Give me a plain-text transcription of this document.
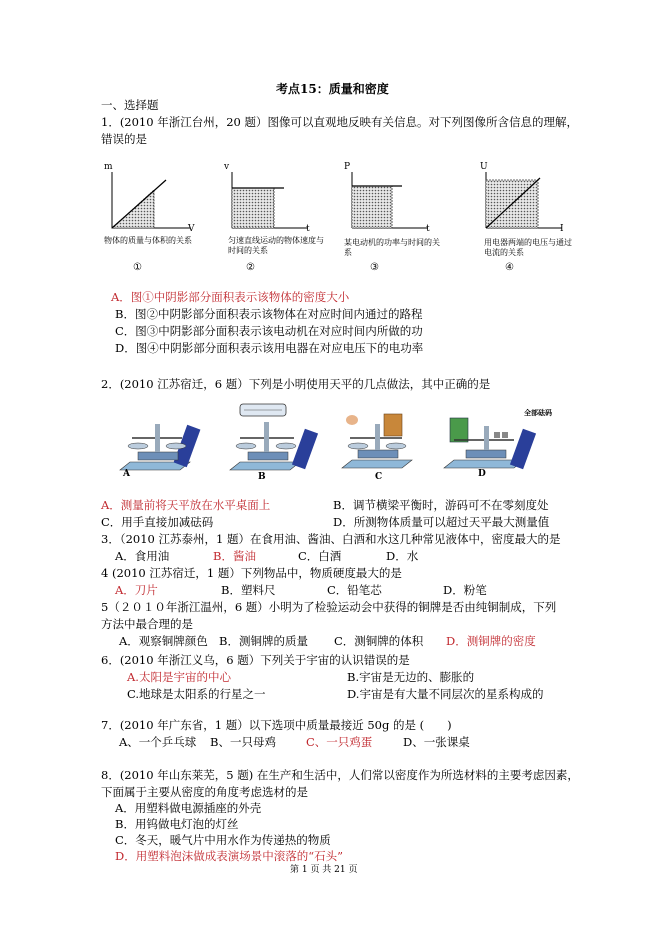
考点15：质量和密度
一、选择题
1．(2010 年浙江台州，20 题）图像可以直观地反映有关信息。对下列图像所含信息的理解，
错误的是
m
V
物体的质量与体积的关系
①
v
t
匀速直线运动的物体速度与时间的关系
②
P
t
某电动机的功率与时间的关系
③
U
I
用电器两端的电压与通过电流的关系
④
A．图①中阴影部分面积表示该物体的密度大小
B．图②中阴影部分面积表示该物体在对应时间内通过的路程
C．图③中阴影部分面积表示该电动机在对应时间内所做的功
D．图④中阴影部分面积表示该用电器在对应电压下的电功率
2．(2010 江苏宿迁，6 题）下列是小明使用天平的几点做法，其中正确的是
A	B	C
全部砝码
D
A．测量前将天平放在水平桌面上	B．调节横梁平衡时，游码可不在零刻度处
C．用手直接加减砝码	D．所测物体质量可以超过天平最大测量值
3．（2010 江苏泰州，1 题）在食用油、酱油、白酒和水这几种常见液体中，密度最大的是
A．食用油	B．酱油	C．白酒	D．水
4 (2010 江苏宿迁，1 题）下列物品中，物质硬度最大的是
A．刀片	B．塑料尺	C．铅笔芯	D．粉笔
5（２０１０年浙江温州，6 题）小明为了检验运动会中获得的铜牌是否由纯铜制成，下列
方法中最合理的是
A．观察铜牌颜色 B．测铜牌的质量 C．测铜牌的体积 D．测铜牌的密度
6．(2010 年浙江义乌，6 题）下列关于宇宙的认识错误的是
A.太阳是宇宙的中心	B.宇宙是无边的、膨胀的
C.地球是太阳系的行星之一	D.宇宙是有大量不同层次的星系构成的
7．(2010 年广东省，1 题）以下选项中质量最接近 50g 的是 (　　)
A、一个乒乓球 B、一只母鸡	C、一只鸡蛋	D、一张课桌
8．(2010 年山东莱芜，5 题) 在生产和生活中，人们常以密度作为所选材料的主要考虑因素，
下面属于主要从密度的角度考虑选材的是
A．用塑料做电源插座的外壳
B．用钨做电灯泡的灯丝
C．冬天，暖气片中用水作为传递热的物质
D．用塑料泡沫做成表演场景中滚落的“石头”
第 1 页 共 21 页
